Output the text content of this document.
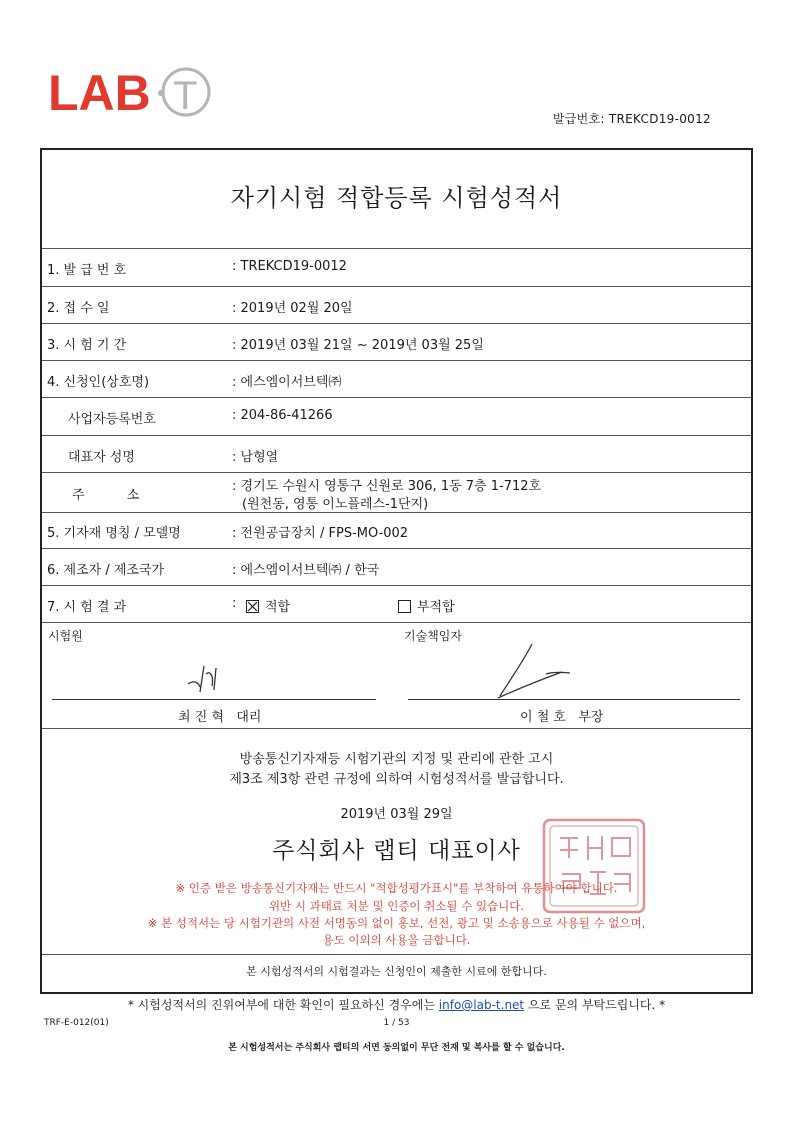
LAB T
발급번호: TREKCD19-0012
자기시험 적합등록 시험성적서
1. 발 급 번 호	: TREKCD19-0012
2. 접 수 일	: 2019년 02월 20일
3. 시 험 기 간	: 2019년 03월 21일 ~ 2019년 03월 25일
4. 신청인(상호명)	: 에스엠이서브텍㈜
사업자등록번호	: 204-86-41266
대표자 성명	: 남형열
주 소
: 경기도 수원시 영통구 신원로 306, 1동 7층 1-712호
(원천동, 영통 이노플레스-1단지)
5. 기자재 명칭 / 모델명	: 전원공급장치 / FPS-MO-002
6. 제조자 / 제조국가	: 에스엠이서브텍㈜ / 한국
7. 시 험 결 과	:	적합	부적합
시험원	기술책임자
최 진 혁   대리	이 철 호   부장
방송통신기자재등 시험기관의 지정 및 관리에 관한 고시
제3조 제3항 관련 규정에 의하여 시험성적서를 발급합니다.
2019년 03월 29일
주식회사 랩티 대표이사
※ 인증 받은 방송통신기자재는 반드시 "적합성평가표시"를 부착하여 유통하여야 합니다.
위반 시 과태료 처분 및 인증이 취소될 수 있습니다.
※ 본 성적서는 당 시험기관의 사전 서명동의 없이 홍보, 선전, 광고 및 소송용으로 사용될 수 없으며,
용도 이외의 사용을 금합니다.
본 시험성적서의 시험결과는 신청인이 제출한 시료에 한합니다.
* 시험성적서의 진위여부에 대한 확인이 필요하신 경우에는 info@lab-t.net 으로 문의 부탁드립니다. *
TRF-E-012(01)	1 / 53
본 시험성적서는 주식회사 랩티의 서면 동의없이 무단 전재 및 복사를 할 수 없습니다.
